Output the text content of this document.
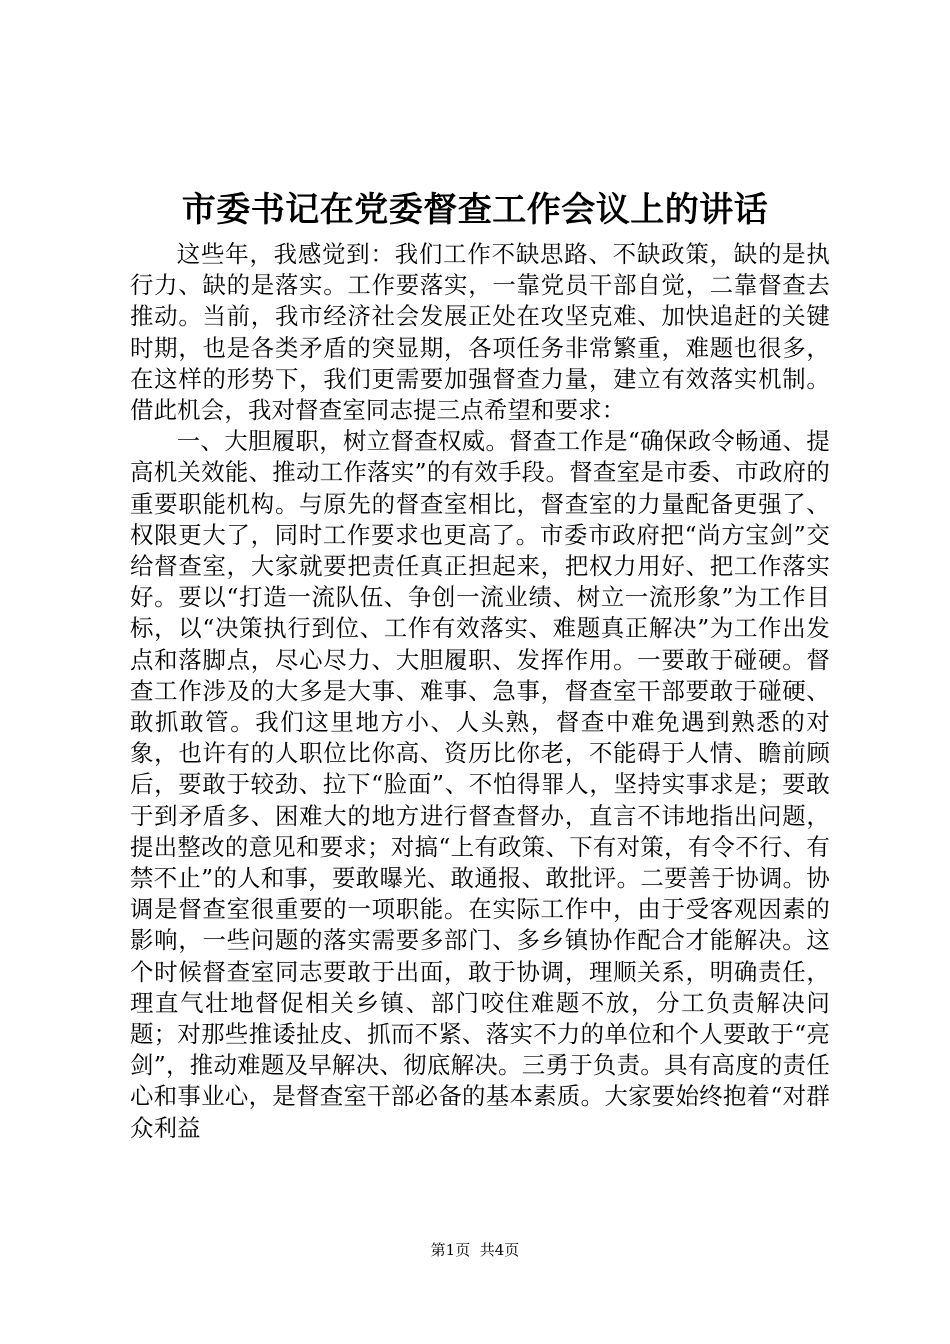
市委书记在党委督查工作会议上的讲话

这些年，我感觉到：我们工作不缺思路、不缺政策，缺的是执行力、缺的是落实。工作要落实，一靠党员干部自觉，二靠督查去推动。当前，我市经济社会发展正处在攻坚克难、加快追赶的关键时期，也是各类矛盾的突显期，各项任务非常繁重，难题也很多，在这样的形势下，我们更需要加强督查力量，建立有效落实机制。借此机会，我对督查室同志提三点希望和要求：

一、大胆履职，树立督查权威。督查工作是“确保政令畅通、提高机关效能、推动工作落实”的有效手段。督查室是市委、市政府的重要职能机构。与原先的督查室相比，督查室的力量配备更强了、权限更大了，同时工作要求也更高了。市委市政府把“尚方宝剑”交给督查室，大家就要把责任真正担起来，把权力用好、把工作落实好。要以“打造一流队伍、争创一流业绩、树立一流形象”为工作目标，以“决策执行到位、工作有效落实、难题真正解决”为工作出发点和落脚点，尽心尽力、大胆履职、发挥作用。一要敢于碰硬。督查工作涉及的大多是大事、难事、急事，督查室干部要敢于碰硬、敢抓敢管。我们这里地方小、人头熟，督查中难免遇到熟悉的对象，也许有的人职位比你高、资历比你老，不能碍于人情、瞻前顾后，要敢于较劲、拉下“脸面”、不怕得罪人，坚持实事求是；要敢于到矛盾多、困难大的地方进行督查督办，直言不讳地指出问题，提出整改的意见和要求；对搞“上有政策、下有对策，有令不行、有禁不止”的人和事，要敢曝光、敢通报、敢批评。二要善于协调。协调是督查室很重要的一项职能。在实际工作中，由于受客观因素的影响，一些问题的落实需要多部门、多乡镇协作配合才能解决。这个时候督查室同志要敢于出面，敢于协调，理顺关系，明确责任，理直气壮地督促相关乡镇、部门咬住难题不放，分工负责解决问题；对那些推诿扯皮、抓而不紧、落实不力的单位和个人要敢于“亮剑”，推动难题及早解决、彻底解决。三勇于负责。具有高度的责任心和事业心，是督查室干部必备的基本素质。大家要始终抱着“对群众利益

第1页 共4页
